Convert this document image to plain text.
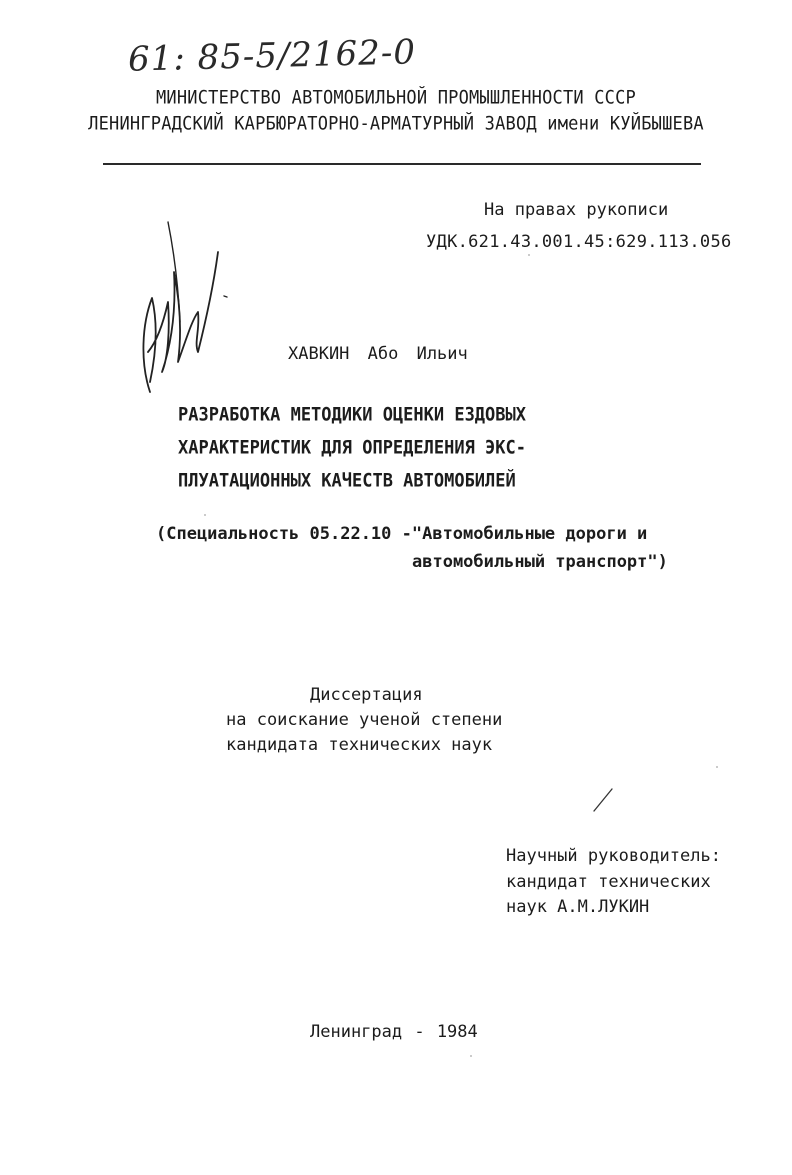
61: 85-5/2162-0
МИНИСТЕРСТВО АВТОМОБИЛЬНОЙ ПРОМЫШЛЕННОСТИ СССР
ЛЕНИНГРАДСКИЙ КАРБЮРАТОРНО-АРМАТУРНЫЙ ЗАВОД имени КУЙБЫШЕВА
На правах рукописи
УДК.621.43.001.45:629.113.056
ХАВКИН Або Ильич
РАЗРАБОТКА МЕТОДИКИ ОЦЕНКИ ЕЗДОВЫХ
ХАРАКТЕРИСТИК ДЛЯ ОПРЕДЕЛЕНИЯ ЭКС-
ПЛУАТАЦИОННЫХ КАЧЕСТВ АВТОМОБИЛЕЙ
(Специальность 05.22.10 -"Автомобильные дороги и
автомобильный транспорт")
Диссертация
на соискание ученой степени
кандидата технических наук
Научный руководитель:
кандидат технических
наук А.М.ЛУКИН
Ленинград - 1984
